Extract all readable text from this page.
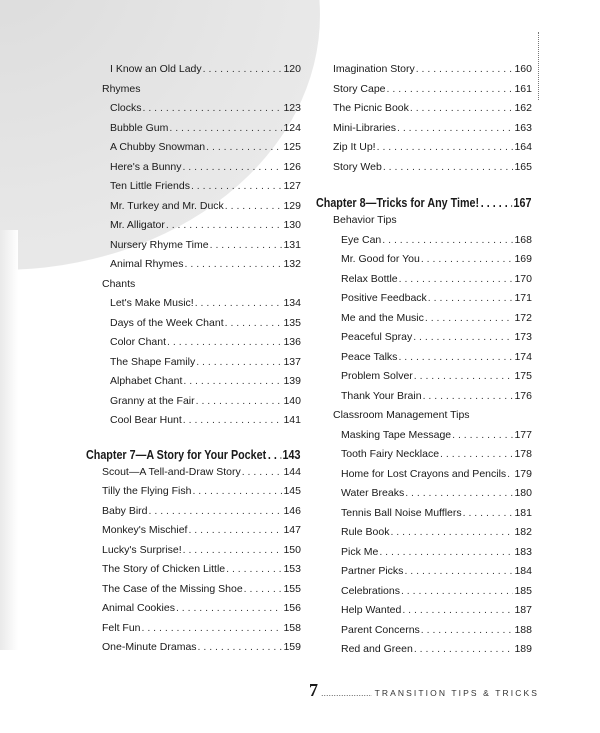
I Know an Old Lady . . .	120
Rhymes
Clocks . . .	123
Bubble Gum . . .	124
A Chubby Snowman . . .	125
Here's a Bunny . . .	126
Ten Little Friends . . .	127
Mr. Turkey and Mr. Duck . . .	129
Mr. Alligator . . .	130
Nursery Rhyme Time . . .	131
Animal Rhymes . . .	132
Chants
Let's Make Music! . . .	134
Days of the Week Chant . . .	135
Color Chant . . .	136
The Shape Family . . .	137
Alphabet Chant . . .	139
Granny at the Fair . . .	140
Cool Bear Hunt . . .	141
Chapter 7—A Story for Your Pocket . . . 143
Scout—A Tell-and-Draw Story . . .	144
Tilly the Flying Fish . . .	145
Baby Bird . . .	146
Monkey's Mischief . . .	147
Lucky's Surprise! . . .	150
The Story of Chicken Little . . .	153
The Case of the Missing Shoe . . .	155
Animal Cookies . . .	156
Felt Fun . . .	158
One-Minute Dramas . . .	159
Imagination Story . . .	160
Story Cape . . .	161
The Picnic Book . . .	162
Mini-Libraries . . .	163
Zip It Up! . . .	164
Story Web . . .	165
Chapter 8—Tricks for Any Time! . . .	167
Behavior Tips
Eye Can . . .	168
Mr. Good for You . . .	169
Relax Bottle . . .	170
Positive Feedback . . .	171
Me and the Music . . .	172
Peaceful Spray . . .	173
Peace Talks . . .	174
Problem Solver . . .	175
Thank Your Brain . . .	176
Classroom Management Tips
Masking Tape Message . . .	177
Tooth Fairy Necklace . . .	178
Home for Lost Crayons and Pencils . . . 179
Water Breaks . . .	180
Tennis Ball Noise Mufflers . . .	181
Rule Book . . .	182
Pick Me . . .	183
Partner Picks . . .	184
Celebrations . . .	185
Help Wanted . . .	187
Parent Concerns . . .	188
Red and Green . . .	189
7 .....	TRANSITION TIPS & TRICKS
